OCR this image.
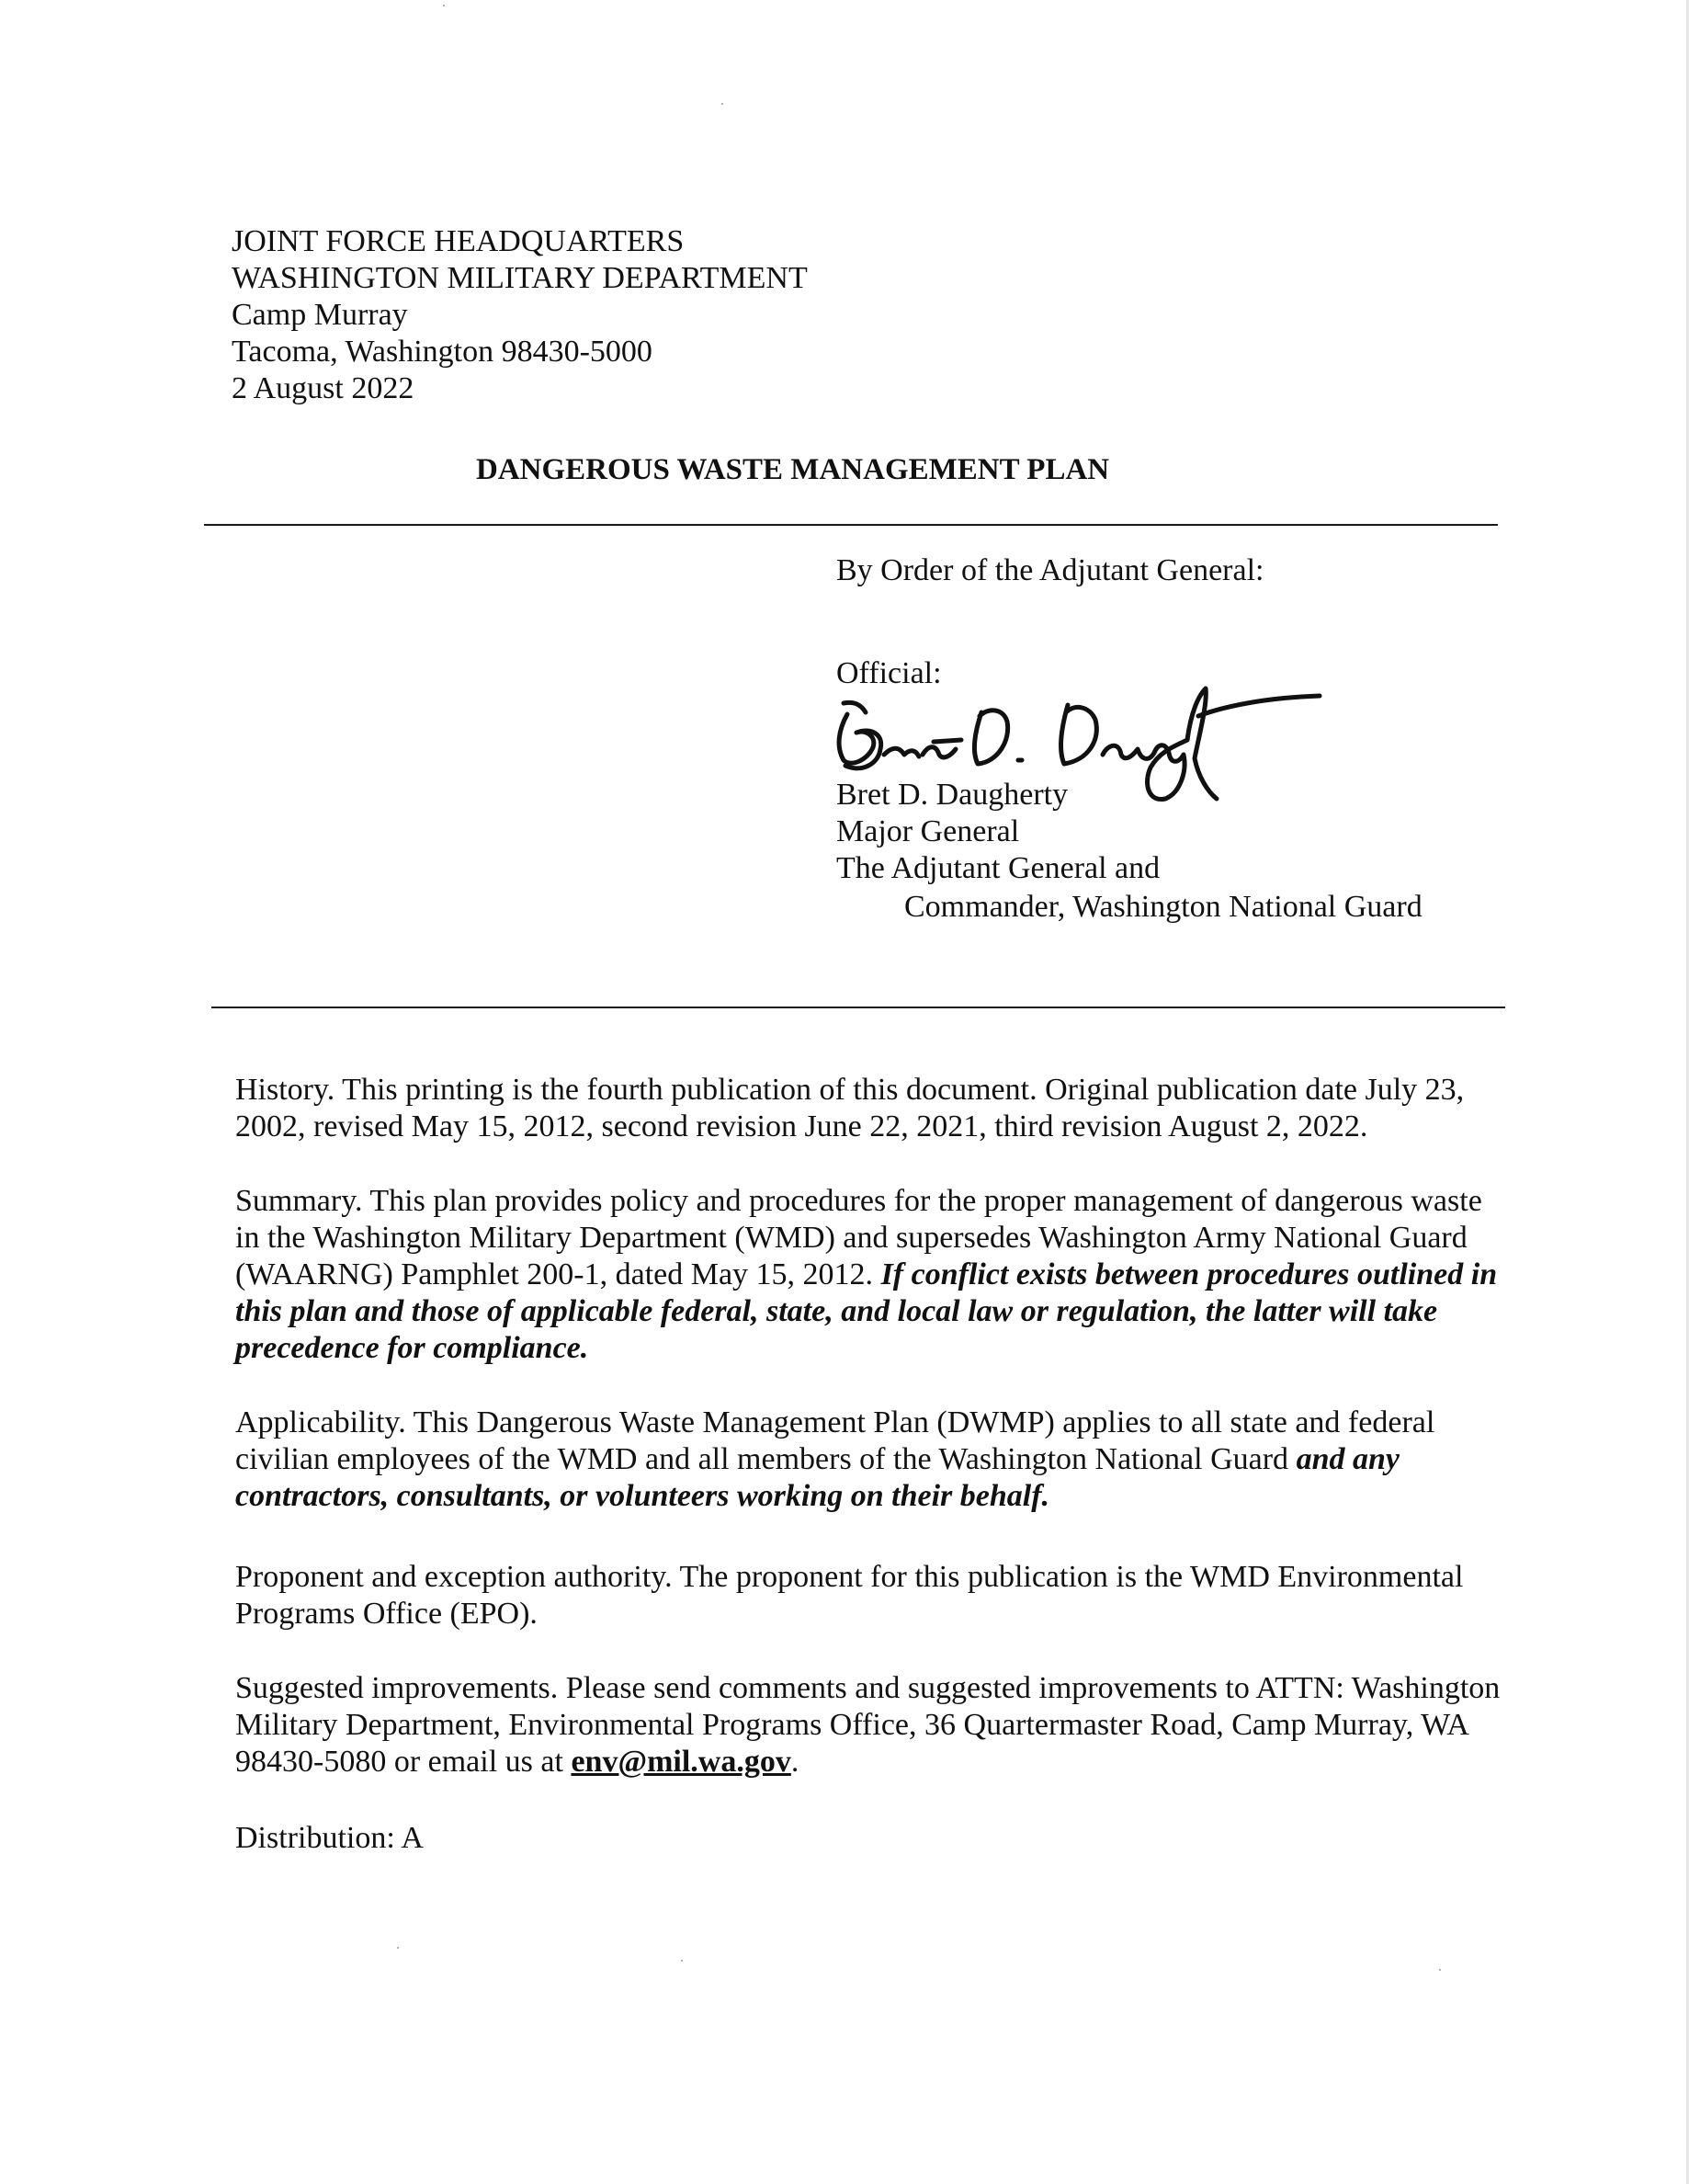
JOINT FORCE HEADQUARTERS
WASHINGTON MILITARY DEPARTMENT
Camp Murray
Tacoma, Washington 98430-5000
2 August 2022
DANGEROUS WASTE MANAGEMENT PLAN
By Order of the Adjutant General:
Official:
Bret D. Daugherty
Major General
The Adjutant General and
Commander, Washington National Guard

History. This printing is the fourth publication of this document. Original publication date July 23, 2002, revised May 15, 2012, second revision June 22, 2021, third revision August 2, 2022.

Summary. This plan provides policy and procedures for the proper management of dangerous waste in the Washington Military Department (WMD) and supersedes Washington Army National Guard (WAARNG) Pamphlet 200-1, dated May 15, 2012. If conflict exists between procedures outlined in this plan and those of applicable federal, state, and local law or regulation, the latter will take precedence for compliance.

Applicability. This Dangerous Waste Management Plan (DWMP) applies to all state and federal civilian employees of the WMD and all members of the Washington National Guard and any contractors, consultants, or volunteers working on their behalf.

Proponent and exception authority. The proponent for this publication is the WMD Environmental Programs Office (EPO).

Suggested improvements. Please send comments and suggested improvements to ATTN: Washington Military Department, Environmental Programs Office, 36 Quartermaster Road, Camp Murray, WA 98430-5080 or email us at env@mil.wa.gov.

Distribution: A
